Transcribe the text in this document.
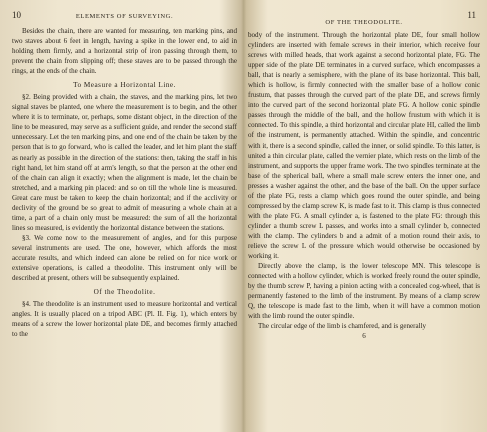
10	ELEMENTS OF SURVEYING.

Besides the chain, there are wanted for measuring, ten marking pins, and two staves about 6 feet in length, having a spike in the lower end, to aid in holding them firmly, and a horizontal strip of iron passing through them, to prevent the chain from slipping off; these staves are to be passed through the rings, at the ends of the chain.

To Measure a Horizontal Line.

§2. Being provided with a chain, the staves, and the marking pins, let two signal staves be planted, one where the measurement is to begin, and the other where it is to terminate, or, perhaps, some distant object, in the direction of the line to be measured, may serve as a sufficient guide, and render the second staff unnecessary. Let the ten marking pins, and one end of the chain be taken by the person that is to go forward, who is called the leader, and let him plant the staff as nearly as possible in the direction of the stations: then, taking the staff in his right hand, let him stand off at arm's length, so that the person at the other end of the chain can align it exactly; when the alignment is made, let the chain be stretched, and a marking pin placed: and so on till the whole line is measured. Great care must be taken to keep the chain horizontal; and if the acclivity or declivity of the ground be so great to admit of measuring a whole chain at a time, a part of a chain only must be measured: the sum of all the horizontal lines so measured, is evidently the horizontal distance between the stations.

§3. We come now to the measurement of angles, and for this purpose several instruments are used. The one, however, which affords the most accurate results, and which indeed can alone be relied on for nice work or extensive operations, is called a theodolite. This instrument only will be described at present, others will be subsequently explained.

Of the Theodolite.

§4. The theodolite is an instrument used to measure horizontal and vertical angles. It is usually placed on a tripod ABC (Pl. II. Fig. 1), which enters by means of a screw the lower horizontal plate DE, and becomes firmly attached to the

OF THE THEODOLITE.
11

body of the instrument. Through the horizontal plate DE, four small hollow cylinders are inserted with female screws in their interior, which receive four screws with milled heads, that work against a second horizontal plate, FG. The upper side of the plate DE terminates in a curved surface, which encompasses a ball, that is nearly a semisphere, with the plane of its base horizontal. This ball, which is hollow, is firmly connected with the smaller base of a hollow conic frustum, that passes through the curved part of the plate DE, and screws firmly into the curved part of the second horizontal plate FG. A hollow conic spindle passes through the middle of the ball, and the hollow frustum with which it is connected. To this spindle, a third horizontal and circular plate HI, called the limb of the instrument, is permanently attached. Within the spindle, and concentric with it, there is a second spindle, called the inner, or solid spindle. To this latter, is united a thin circular plate, called the vernier plate, which rests on the limb of the instrument, and supports the upper frame work. The two spindles terminate at the base of the spherical ball, where a small male screw enters the inner one, and presses a washer against the other, and the base of the ball. On the upper surface of the plate FG, rests a clamp which goes round the outer spindle, and being compressed by the clamp screw K, is made fast to it. This clamp is thus connected with the plate FG. A small cylinder a, is fastened to the plate FG: through this cylinder a thumb screw L passes, and works into a small cylinder b, connected with the clamp. The cylinders b and a admit of a motion round their axis, to relieve the screw L of the pressure which would otherwise be occasioned by working it.

Directly above the clamp, is the lower telescope MN. This telescope is connected with a hollow cylinder, which is worked freely round the outer spindle, by the thumb screw P, having a pinion acting with a concealed cog-wheel, that is permanently fastened to the limb of the instrument. By means of a clamp screw Q, the telescope is made fast to the limb, when it will have a common motion with the limb round the outer spindle.

The circular edge of the limb is chamfered, and is generally

6
